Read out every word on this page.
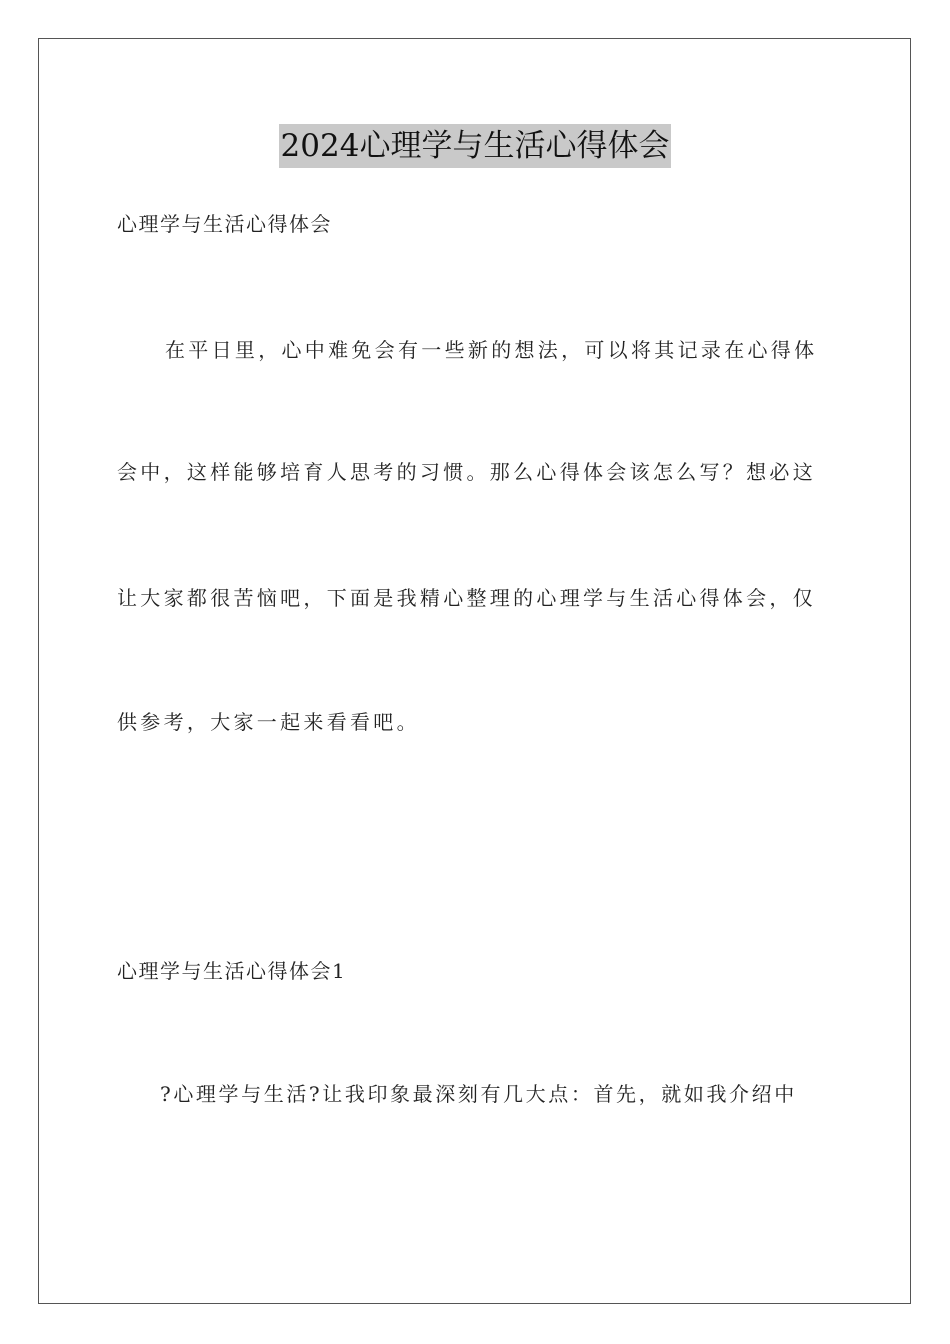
2024心理学与生活心得体会
心理学与生活心得体会
在平日里，心中难免会有一些新的想法，可以将其记录在心得体
会中，这样能够培育人思考的习惯。那么心得体会该怎么写？想必这
让大家都很苦恼吧，下面是我精心整理的心理学与生活心得体会，仅
供参考，大家一起来看看吧。
心理学与生活心得体会1
?心理学与生活?让我印象最深刻有几大点：首先，就如我介绍中
